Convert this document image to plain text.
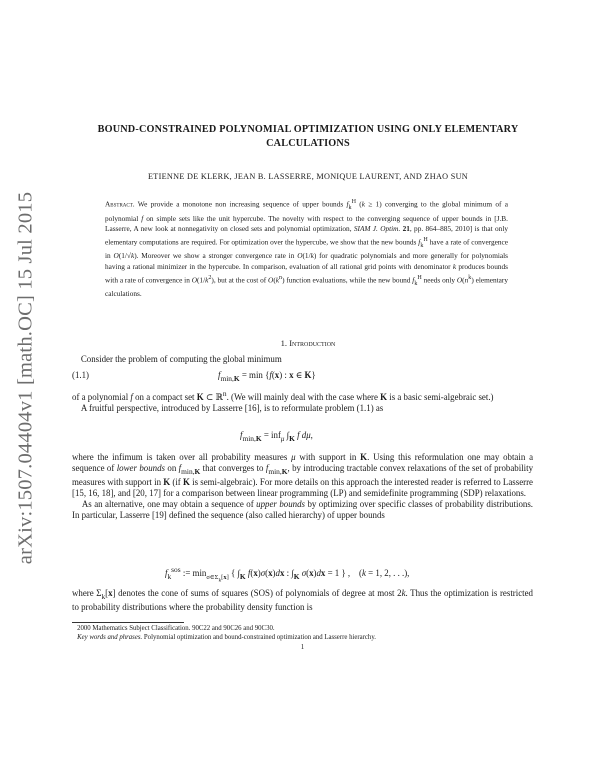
arXiv:1507.04404v1 [math.OC] 15 Jul 2015
BOUND-CONSTRAINED POLYNOMIAL OPTIMIZATION USING ONLY ELEMENTARY CALCULATIONS
ETIENNE DE KLERK, JEAN B. LASSERRE, MONIQUE LAURENT, AND ZHAO SUN
Abstract. We provide a monotone non increasing sequence of upper bounds $f_k^H$ (k ≥ 1) converging to the global minimum of a polynomial f on simple sets like the unit hypercube. The novelty with respect to the converging sequence of upper bounds in [J.B. Lasserre, A new look at nonnegativity on closed sets and polynomial optimization, SIAM J. Optim. 21, pp. 864–885, 2010] is that only elementary computations are required. For optimization over the hypercube, we show that the new bounds $f_k^H$ have a rate of convergence in O(1/√k). Moreover we show a stronger convergence rate in O(1/k) for quadratic polynomials and more generally for polynomials having a rational minimizer in the hypercube. In comparison, evaluation of all rational grid points with denominator k produces bounds with a rate of convergence in $O(1/k^2)$, but at the cost of $O(k^n)$ function evaluations, while the new bound $f_k^H$ needs only $O(n^k)$ elementary calculations.
1. Introduction
Consider the problem of computing the global minimum
(1.1)	$f_{min,K} = \min \{f(x)$ : x ∈ K}
of a polynomial f on a compact set K ⊂ ℝ$^n$. (We will mainly deal with the case where K is a basic semi-algebraic set.)
A fruitful perspective, introduced by Lasserre [16], is to reformulate problem (1.1) as
$f_{min,K} = inf_\mu$ $\int_K$ f dμ,
where the infimum is taken over all probability measures μ with support in K. Using this reformulation one may obtain a sequence of lower bounds on $f_{min,K}$ that converges to $f_{min,K}$, by introducing tractable convex relaxations of the set of probability measures with support in K (if K is semi-algebraic). For more details on this approach the interested reader is referred to Lasserre [15, 16, 18], and [20, 17] for a comparison between linear programming (LP) and semidefinite programming (SDP) relaxations.
As an alternative, one may obtain a sequence of upper bounds by optimizing over specific classes of probability distributions. In particular, Lasserre [19] defined the sequence (also called hierarchy) of upper bounds
$f_k^{sos}$ := $\min_{\sigma\in\Sigma_k[x]}$ { $\int_K$ f(x)σ(x)dx : $\int_K$ σ(x)dx = 1 } ,    (k = 1, 2, . . .),
where $\Sigma_k[x]$ denotes the cone of sums of squares (SOS) of polynomials of degree at most 2k. Thus the optimization is restricted to probability distributions where the probability density function is
2000 Mathematics Subject Classification. 90C22 and 90C26 and 90C30.
Key words and phrases. Polynomial optimization and bound-constrained optimization and Lasserre hierarchy.
1
